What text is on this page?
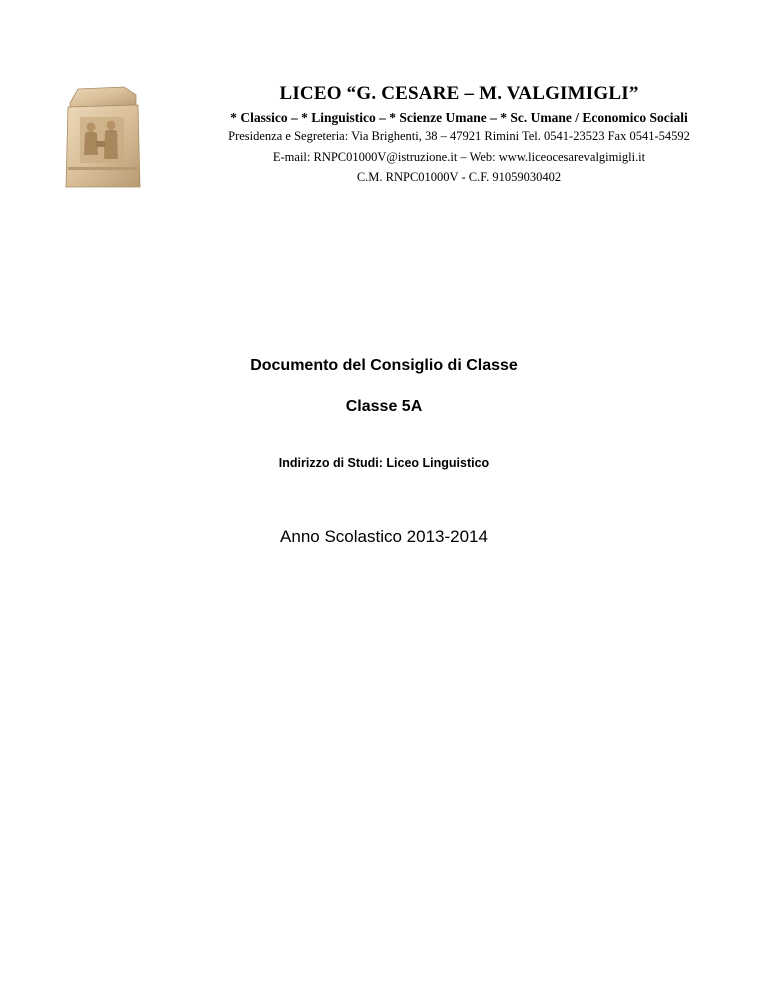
LICEO “G. CESARE – M. VALGIMIGLI”
* Classico – * Linguistico – * Scienze Umane – * Sc. Umane / Economico Sociali
Presidenza e Segreteria: Via Brighenti, 38 – 47921 Rimini Tel. 0541-23523 Fax 0541-54592
E-mail: RNPC01000V@istruzione.it – Web: www.liceocesarevalgimigli.it
C.M. RNPC01000V - C.F. 91059030402
Documento del Consiglio di Classe
Classe 5A
Indirizzo di Studi: Liceo Linguistico
Anno Scolastico 2013-2014
